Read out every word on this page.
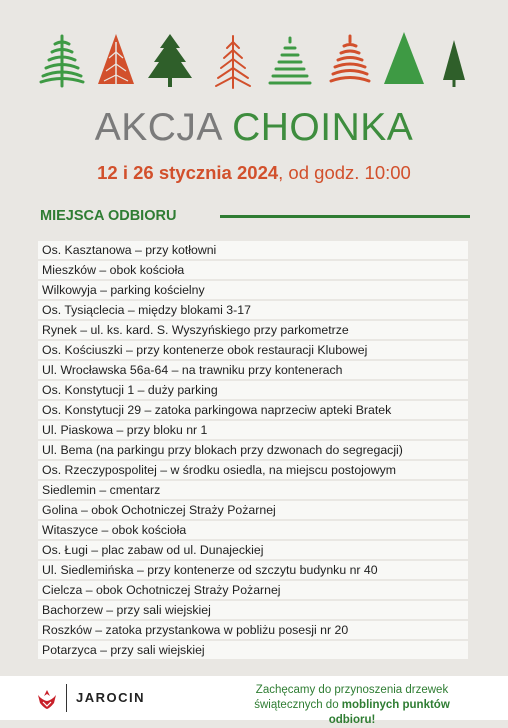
AKCJA CHOINKA
12 i 26 stycznia 2024, od godz. 10:00
MIEJSCA ODBIORU
Os. Kasztanowa – przy kotłowni
Mieszków – obok kościoła
Wilkowyja – parking kościelny
Os. Tysiąclecia – między blokami 3-17
Rynek – ul. ks. kard. S. Wyszyńskiego przy parkometrze
Os. Kościuszki – przy kontenerze obok restauracji Klubowej
Ul. Wrocławska 56a-64 – na trawniku przy kontenerach
Os. Konstytucji 1 – duży parking
Os. Konstytucji 29 – zatoka parkingowa naprzeciw apteki Bratek
Ul. Piaskowa – przy bloku nr 1
Ul. Bema (na parkingu przy blokach przy dzwonach do segregacji)
Os. Rzeczypospolitej – w środku osiedla, na miejscu postojowym
Siedlemin – cmentarz
Golina – obok Ochotniczej Straży Pożarnej
Witaszyce – obok kościoła
Os. Ługi – plac zabaw od ul. Dunajeckiej
Ul. Siedlemińska – przy kontenerze od szczytu budynku nr 40
Cielcza – obok Ochotniczej Straży Pożarnej
Bachorzew – przy sali wiejskiej
Roszków – zatoka przystankowa w pobliżu posesji nr 20
Potarzyca – przy sali wiejskiej
JAROCIN	Zachęcamy do przynoszenia drzewek
świątecznych do moblinych punktów odbioru!
